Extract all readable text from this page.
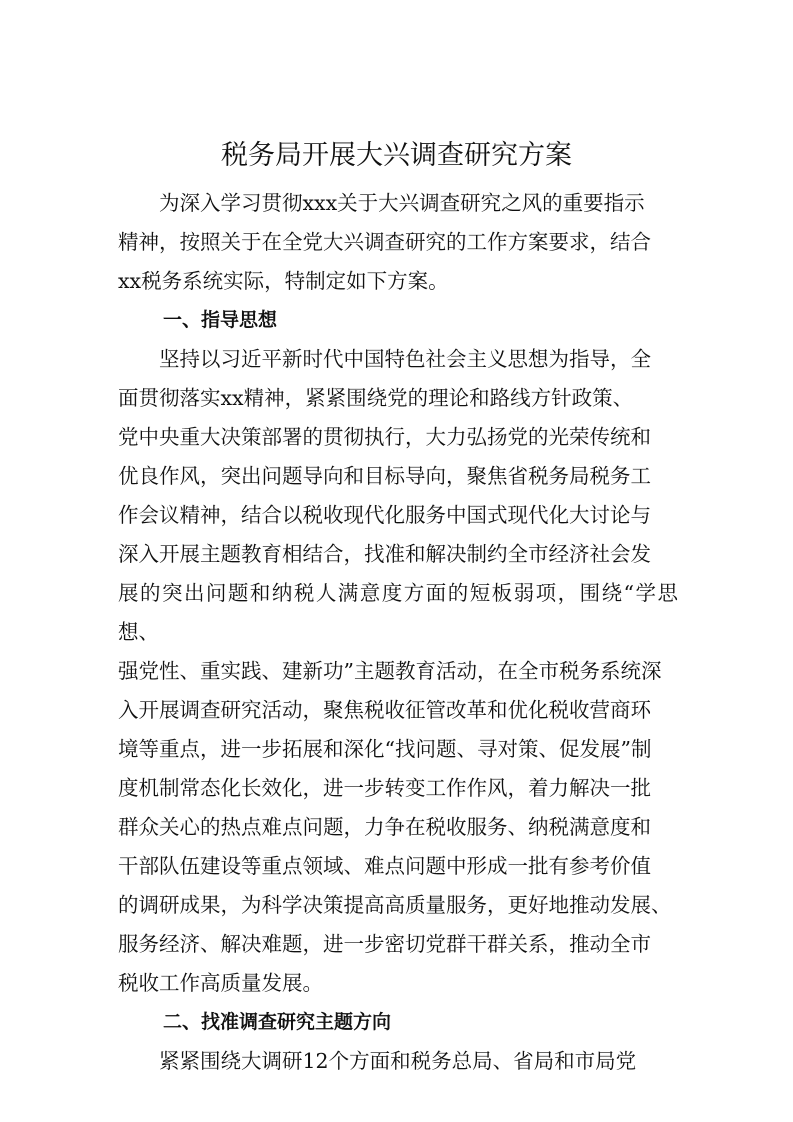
税务局开展大兴调查研究方案

为深入学习贯彻xxx关于大兴调查研究之风的重要指示
精神，按照关于在全党大兴调查研究的工作方案要求，结合
xx税务系统实际，特制定如下方案。

一、指导思想

坚持以习近平新时代中国特色社会主义思想为指导，全
面贯彻落实xx精神，紧紧围绕党的理论和路线方针政策、
党中央重大决策部署的贯彻执行，大力弘扬党的光荣传统和
优良作风，突出问题导向和目标导向，聚焦省税务局税务工
作会议精神，结合以税收现代化服务中国式现代化大讨论与
深入开展主题教育相结合，找准和解决制约全市经济社会发
展的突出问题和纳税人满意度方面的短板弱项，围绕“学思想、
强党性、重实践、建新功”主题教育活动，在全市税务系统深
入开展调查研究活动，聚焦税收征管改革和优化税收营商环
境等重点，进一步拓展和深化“找问题、寻对策、促发展”制
度机制常态化长效化，进一步转变工作作风，着力解决一批
群众关心的热点难点问题，力争在税收服务、纳税满意度和
干部队伍建设等重点领域、难点问题中形成一批有参考价值
的调研成果，为科学决策提高高质量服务，更好地推动发展、
服务经济、解决难题，进一步密切党群干群关系，推动全市
税收工作高质量发展。

二、找准调查研究主题方向

紧紧围绕大调研12个方面和税务总局、省局和市局党
